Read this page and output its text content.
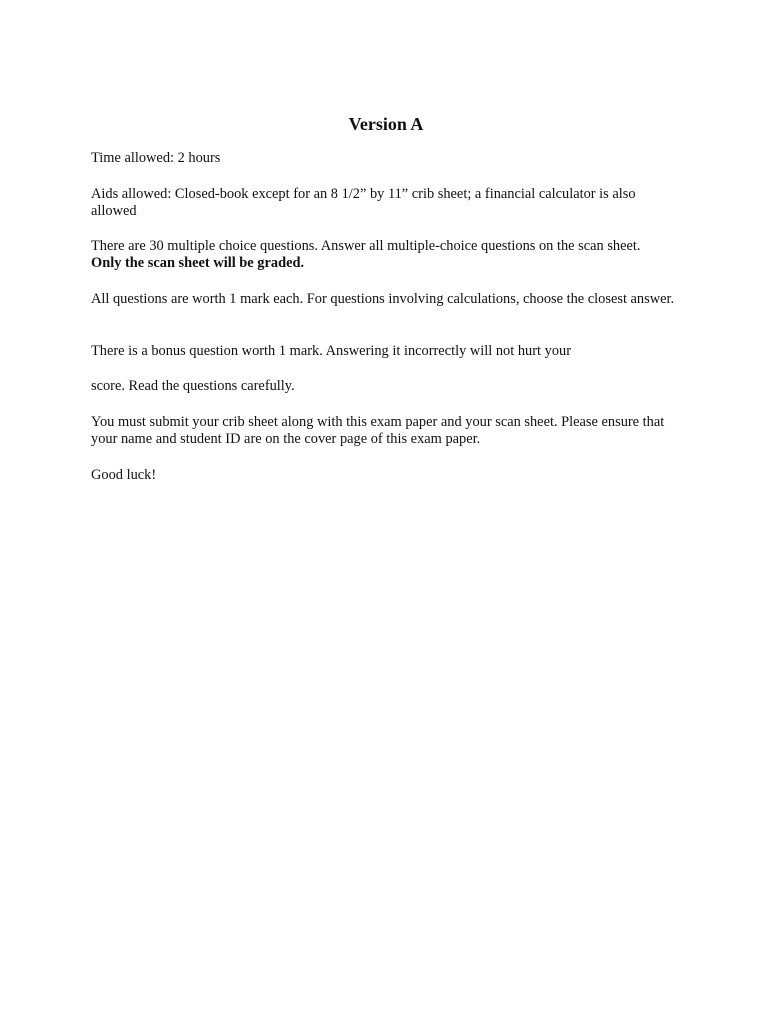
Version A

Time allowed: 2 hours

Aids allowed: Closed-book except for an 8 1/2” by 11” crib sheet; a financial calculator is also allowed

There are 30 multiple choice questions. Answer all multiple-choice questions on the scan sheet.
Only the scan sheet will be graded.

All questions are worth 1 mark each. For questions involving calculations, choose the closest answer.

There is a bonus question worth 1 mark. Answering it incorrectly will not hurt your

score. Read the questions carefully.

You must submit your crib sheet along with this exam paper and your scan sheet. Please ensure that your name and student ID are on the cover page of this exam paper.

Good luck!
